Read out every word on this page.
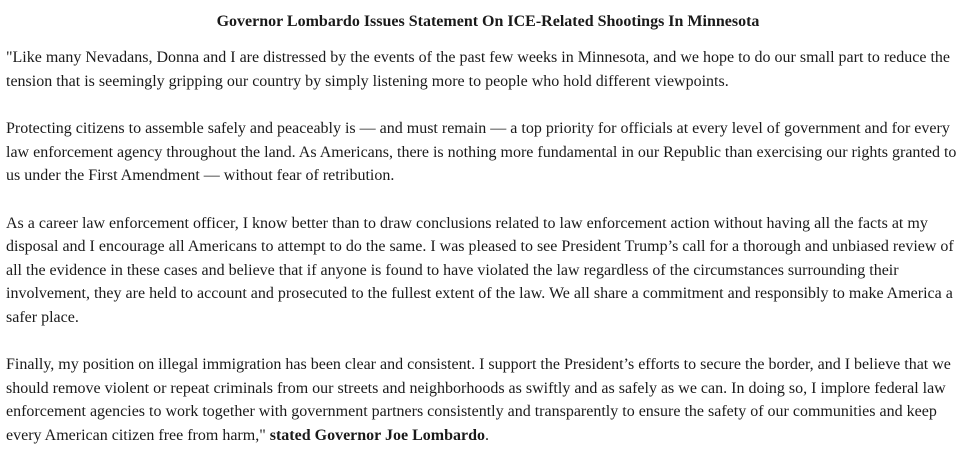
Governor Lombardo Issues Statement On ICE-Related Shootings In Minnesota

"Like many Nevadans, Donna and I are distressed by the events of the past few weeks in Minnesota, and we hope to do our small part to reduce the tension that is seemingly gripping our country by simply listening more to people who hold different viewpoints.

Protecting citizens to assemble safely and peaceably is — and must remain — a top priority for officials at every level of government and for every law enforcement agency throughout the land. As Americans, there is nothing more fundamental in our Republic than exercising our rights granted to us under the First Amendment — without fear of retribution.

As a career law enforcement officer, I know better than to draw conclusions related to law enforcement action without having all the facts at my disposal and I encourage all Americans to attempt to do the same. I was pleased to see President Trump’s call for a thorough and unbiased review of all the evidence in these cases and believe that if anyone is found to have violated the law regardless of the circumstances surrounding their involvement, they are held to account and prosecuted to the fullest extent of the law. We all share a commitment and responsibly to make America a safer place.

Finally, my position on illegal immigration has been clear and consistent. I support the President’s efforts to secure the border, and I believe that we should remove violent or repeat criminals from our streets and neighborhoods as swiftly and as safely as we can. In doing so, I implore federal law enforcement agencies to work together with government partners consistently and transparently to ensure the safety of our communities and keep every American citizen free from harm," stated Governor Joe Lombardo.
